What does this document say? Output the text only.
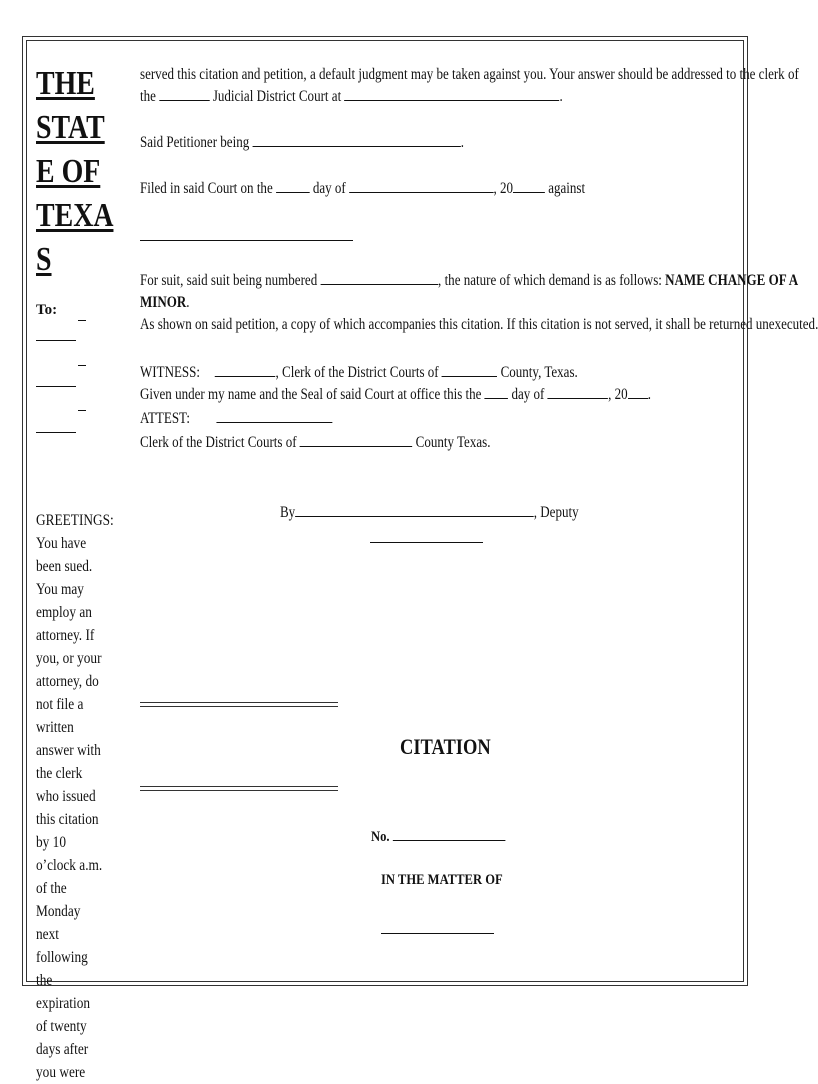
THE
STAT
E OF
TEXA
S
To:
GREETINGS: You have been sued. You may employ an attorney. If you, or your attorney, do not file a written answer with the clerk who issued this citation by 10 o’clock a.m. of the Monday next following the expiration of twenty days after you were
served this citation and petition, a default judgment may be taken against you. Your answer should be addressed to the clerk of
the	Judicial District Court at	.
Said Petitioner being	.
Filed in said Court on the	day of	, 20 against
For suit, said suit being numbered	, the nature of which demand is as follows: NAME CHANGE OF A
MINOR.
As shown on said petition, a copy of which accompanies this citation. If this citation is not served, it shall be returned unexecuted.
WITNESS:	, Clerk of the District Courts of	County, Texas.
Given under my name and the Seal of said Court at office this the day of	, 20 .
ATTEST:
Clerk of the District Courts of	County Texas.
By	, Deputy
CITATION
No.
IN THE MATTER OF
